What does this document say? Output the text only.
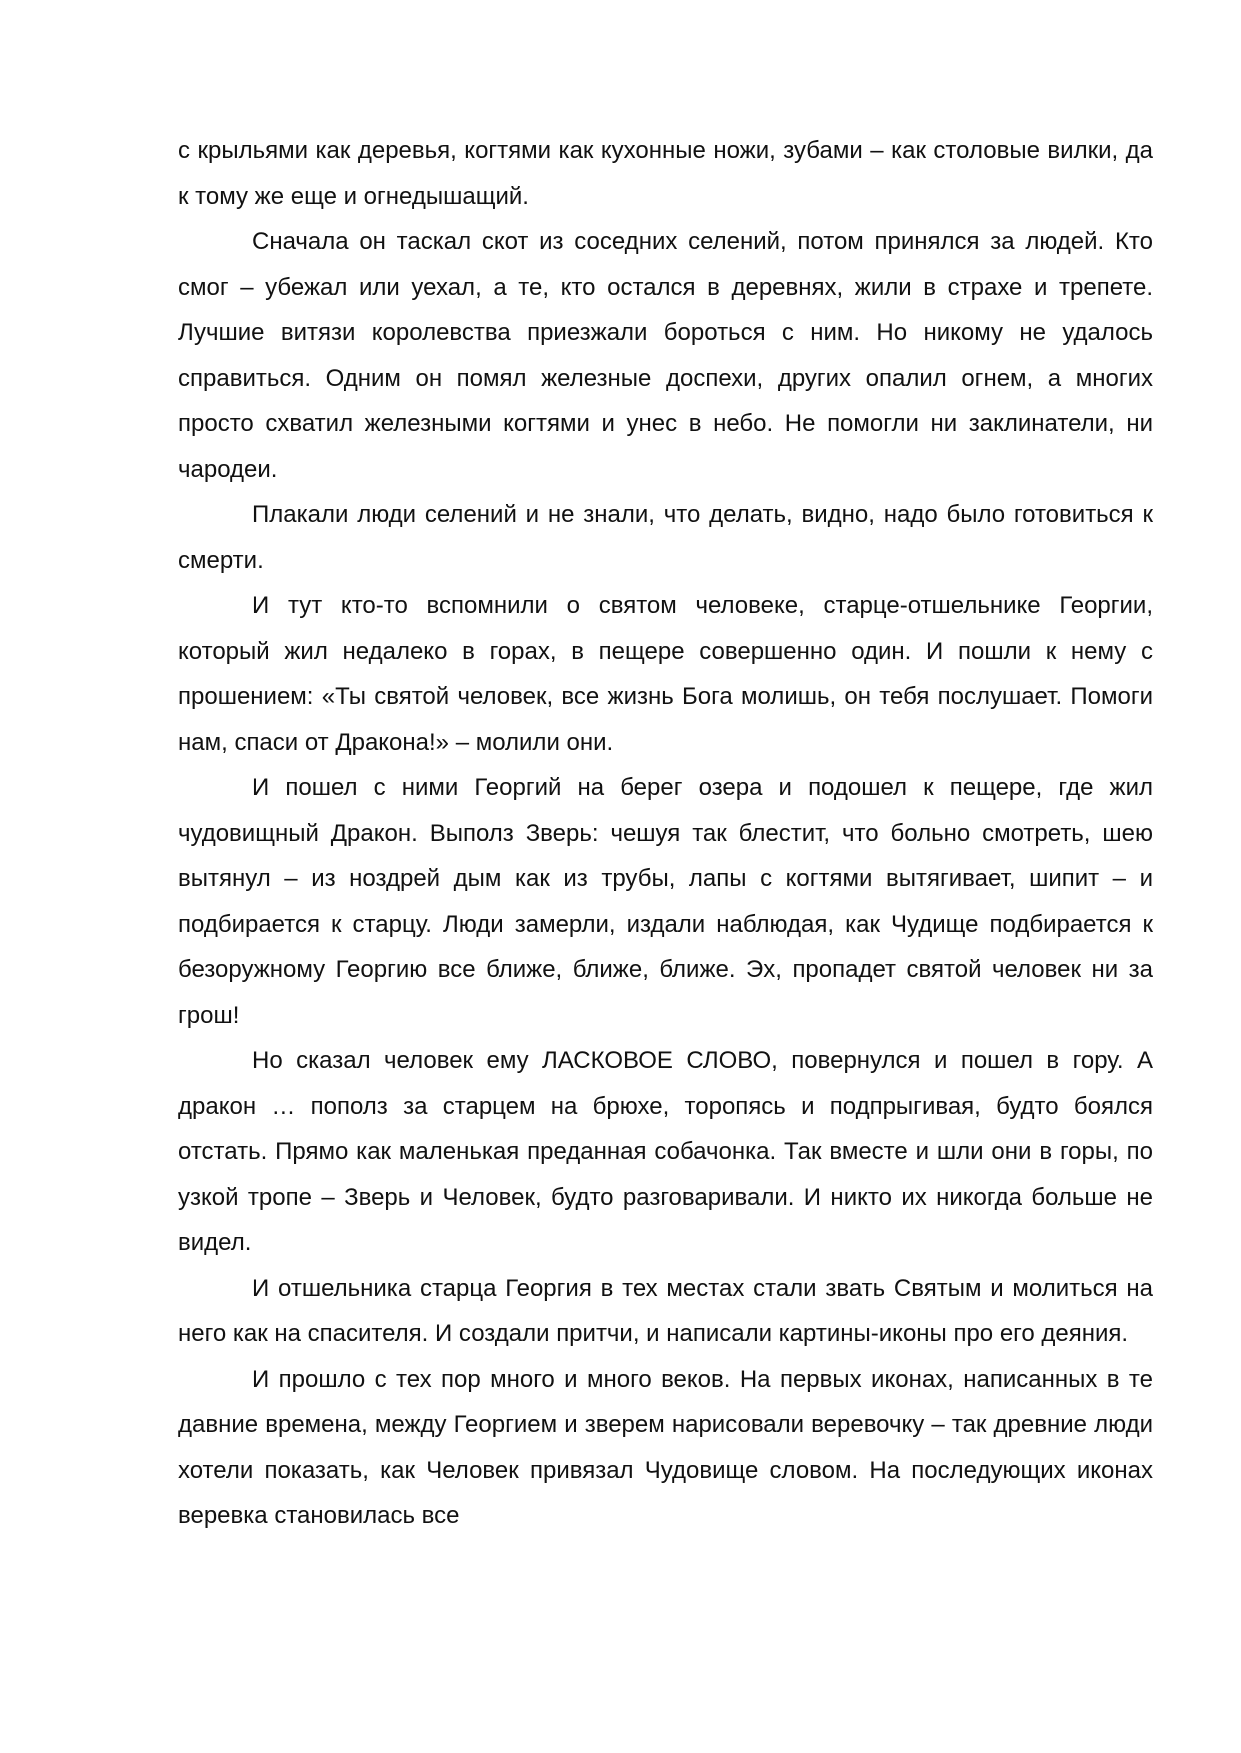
с крыльями как деревья, когтями как кухонные ножи, зубами – как столовые вилки, да к тому же еще и огнедышащий.

Сначала он таскал скот из соседних селений, потом принялся за людей. Кто смог – убежал или уехал, а те, кто остался в деревнях, жили в страхе и трепете. Лучшие витязи королевства приезжали бороться с ним. Но никому не удалось справиться. Одним он помял железные доспехи, других опалил огнем, а многих просто схватил железными когтями и унес в небо. Не помогли ни заклинатели, ни чародеи.

Плакали люди селений и не знали, что делать, видно, надо было готовиться к смерти.

И тут кто-то вспомнили о святом человеке, старце-отшельнике Георгии, который жил недалеко в горах, в пещере совершенно один. И пошли к нему с прошением: «Ты святой человек, все жизнь Бога молишь, он тебя послушает. Помоги нам, спаси от Дракона!» – молили они.

И пошел с ними Георгий на берег озера и подошел к пещере, где жил чудовищный Дракон. Выполз Зверь: чешуя так блестит, что больно смотреть, шею вытянул – из ноздрей дым как из трубы, лапы с когтями вытягивает, шипит – и подбирается к старцу. Люди замерли, издали наблюдая, как Чудище подбирается к безоружному Георгию все ближе, ближе, ближе. Эх, пропадет святой человек ни за грош!

Но сказал человек ему ЛАСКОВОЕ СЛОВО, повернулся и пошел в гору. А дракон … пополз за старцем на брюхе, торопясь и подпрыгивая, будто боялся отстать. Прямо как маленькая преданная собачонка. Так вместе и шли они в горы, по узкой тропе – Зверь и Человек, будто разговаривали. И никто их никогда больше не видел.

И отшельника старца Георгия в тех местах стали звать Святым и молиться на него как на спасителя. И создали притчи, и написали картины-иконы про его деяния.

И прошло с тех пор много и много веков. На первых иконах, написанных в те давние времена, между Георгием и зверем нарисовали веревочку – так древние люди хотели показать, как Человек привязал Чудовище словом. На последующих иконах веревка становилась все
